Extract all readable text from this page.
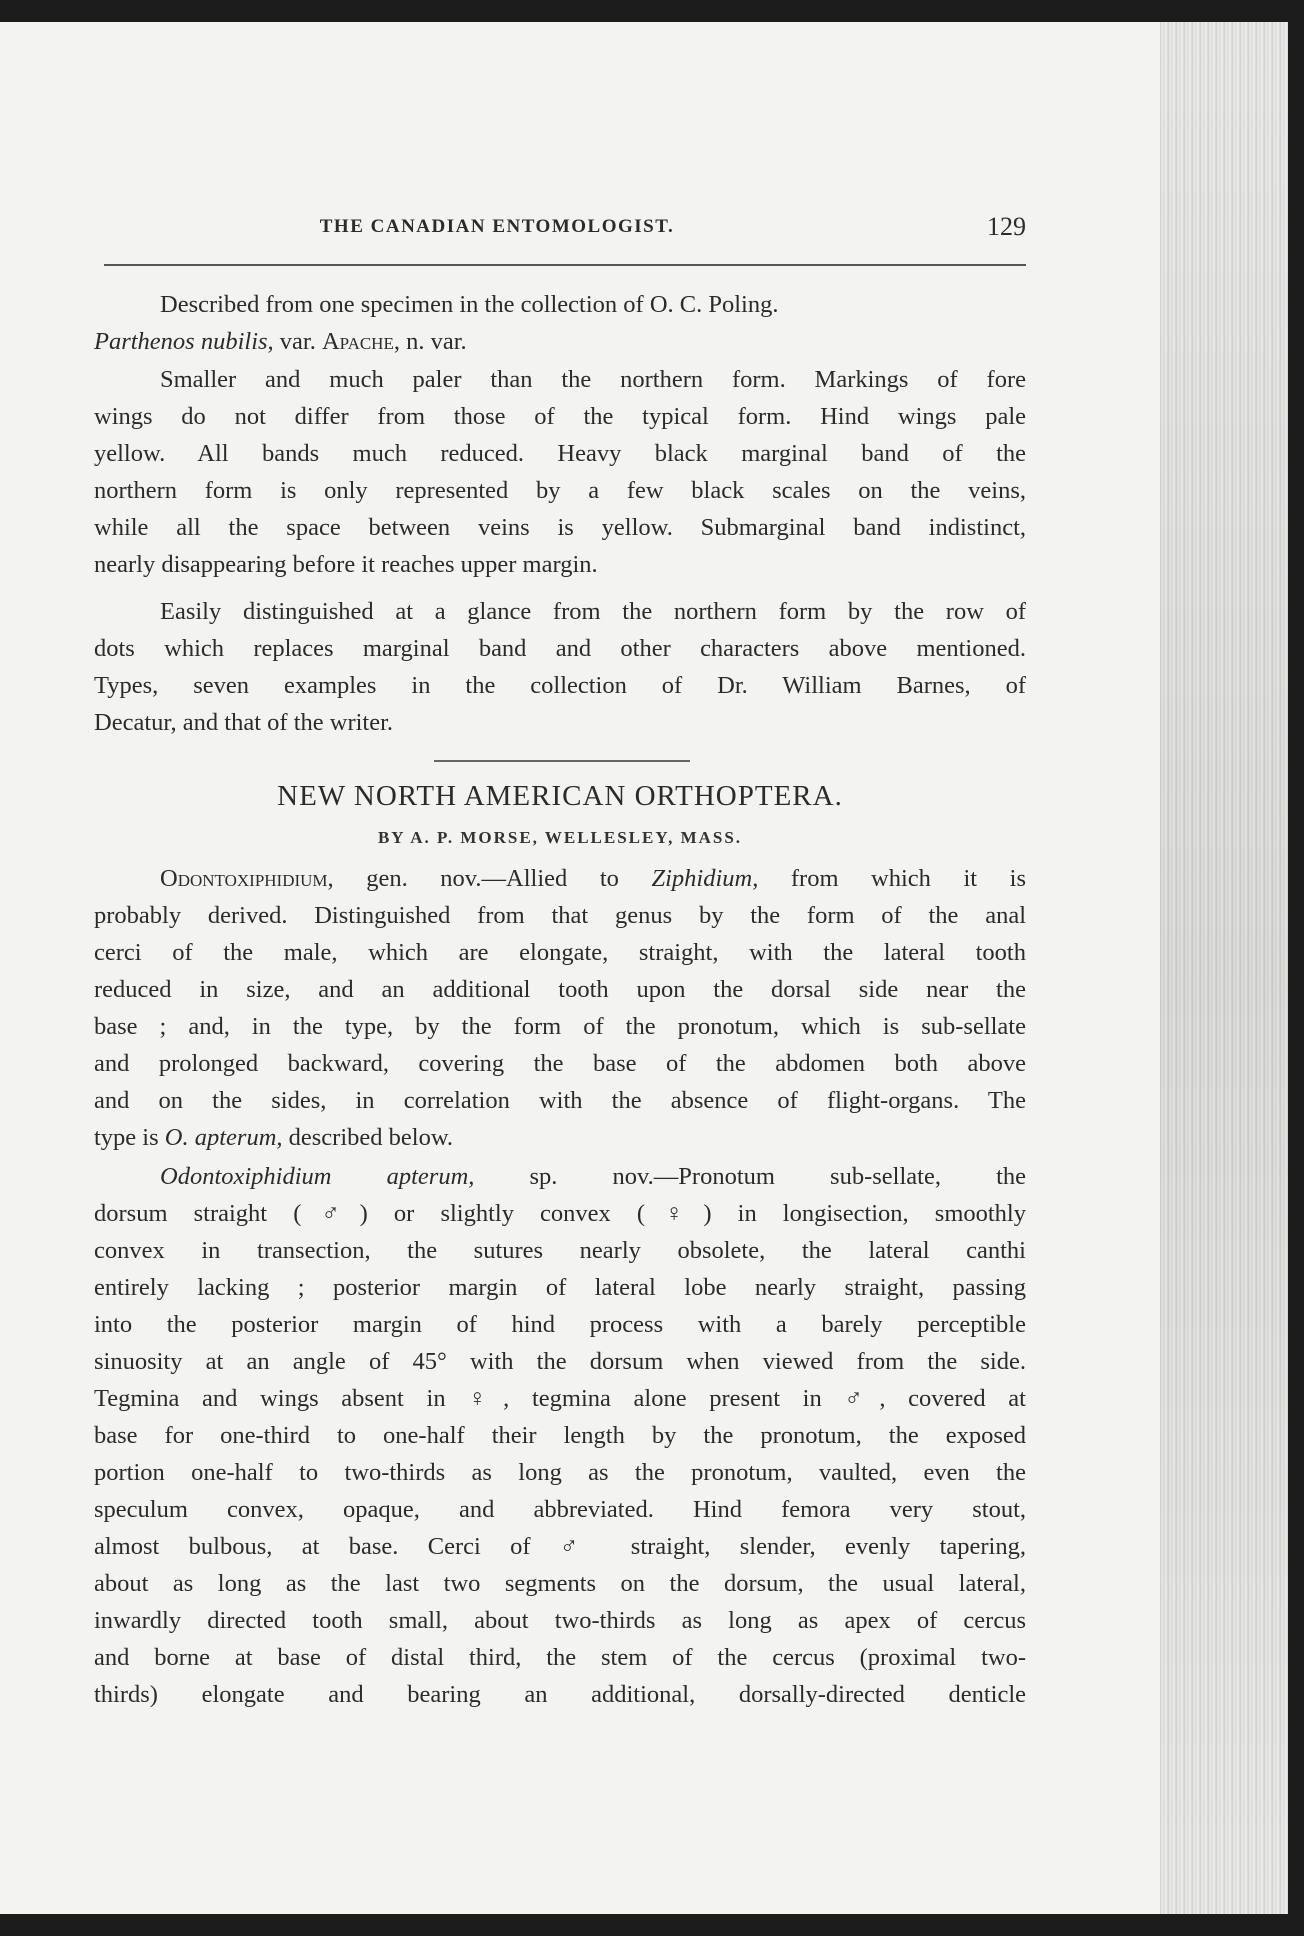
THE CANADIAN ENTOMOLOGIST.	129
Described from one specimen in the collection of O. C. Poling.
Parthenos nubilis, var. Apache, n. var.
Smaller and much paler than the northern form. Markings of fore
wings do not differ from those of the typical form. Hind wings pale
yellow. All bands much reduced. Heavy black marginal band of the
northern form is only represented by a few black scales on the veins,
while all the space between veins is yellow. Submarginal band indistinct,
nearly disappearing before it reaches upper margin.
Easily distinguished at a glance from the northern form by the row of
dots which replaces marginal band and other characters above mentioned.
Types, seven examples in the collection of Dr. William Barnes, of
Decatur, and that of the writer.
NEW NORTH AMERICAN ORTHOPTERA.
BY A. P. MORSE, WELLESLEY, MASS.
Odontoxiphidium, gen. nov.—Allied to Ziphidium, from which it is
probably derived. Distinguished from that genus by the form of the anal
cerci of the male, which are elongate, straight, with the lateral tooth
reduced in size, and an additional tooth upon the dorsal side near the
base ; and, in the type, by the form of the pronotum, which is sub-sellate
and prolonged backward, covering the base of the abdomen both above
and on the sides, in correlation with the absence of flight-organs. The
type is O. apterum, described below.
Odontoxiphidium apterum, sp. nov.—Pronotum sub-sellate, the
dorsum straight (♂) or slightly convex (♀) in longisection, smoothly
convex in transection, the sutures nearly obsolete, the lateral canthi
entirely lacking ; posterior margin of lateral lobe nearly straight, passing
into the posterior margin of hind process with a barely perceptible
sinuosity at an angle of 45° with the dorsum when viewed from the side.
Tegmina and wings absent in ♀, tegmina alone present in ♂, covered at
base for one-third to one-half their length by the pronotum, the exposed
portion one-half to two-thirds as long as the pronotum, vaulted, even the
speculum convex, opaque, and abbreviated. Hind femora very stout,
almost bulbous, at base. Cerci of ♂ straight, slender, evenly tapering,
about as long as the last two segments on the dorsum, the usual lateral,
inwardly directed tooth small, about two-thirds as long as apex of cercus
and borne at base of distal third, the stem of the cercus (proximal two-
thirds) elongate and bearing an additional, dorsally-directed denticle
